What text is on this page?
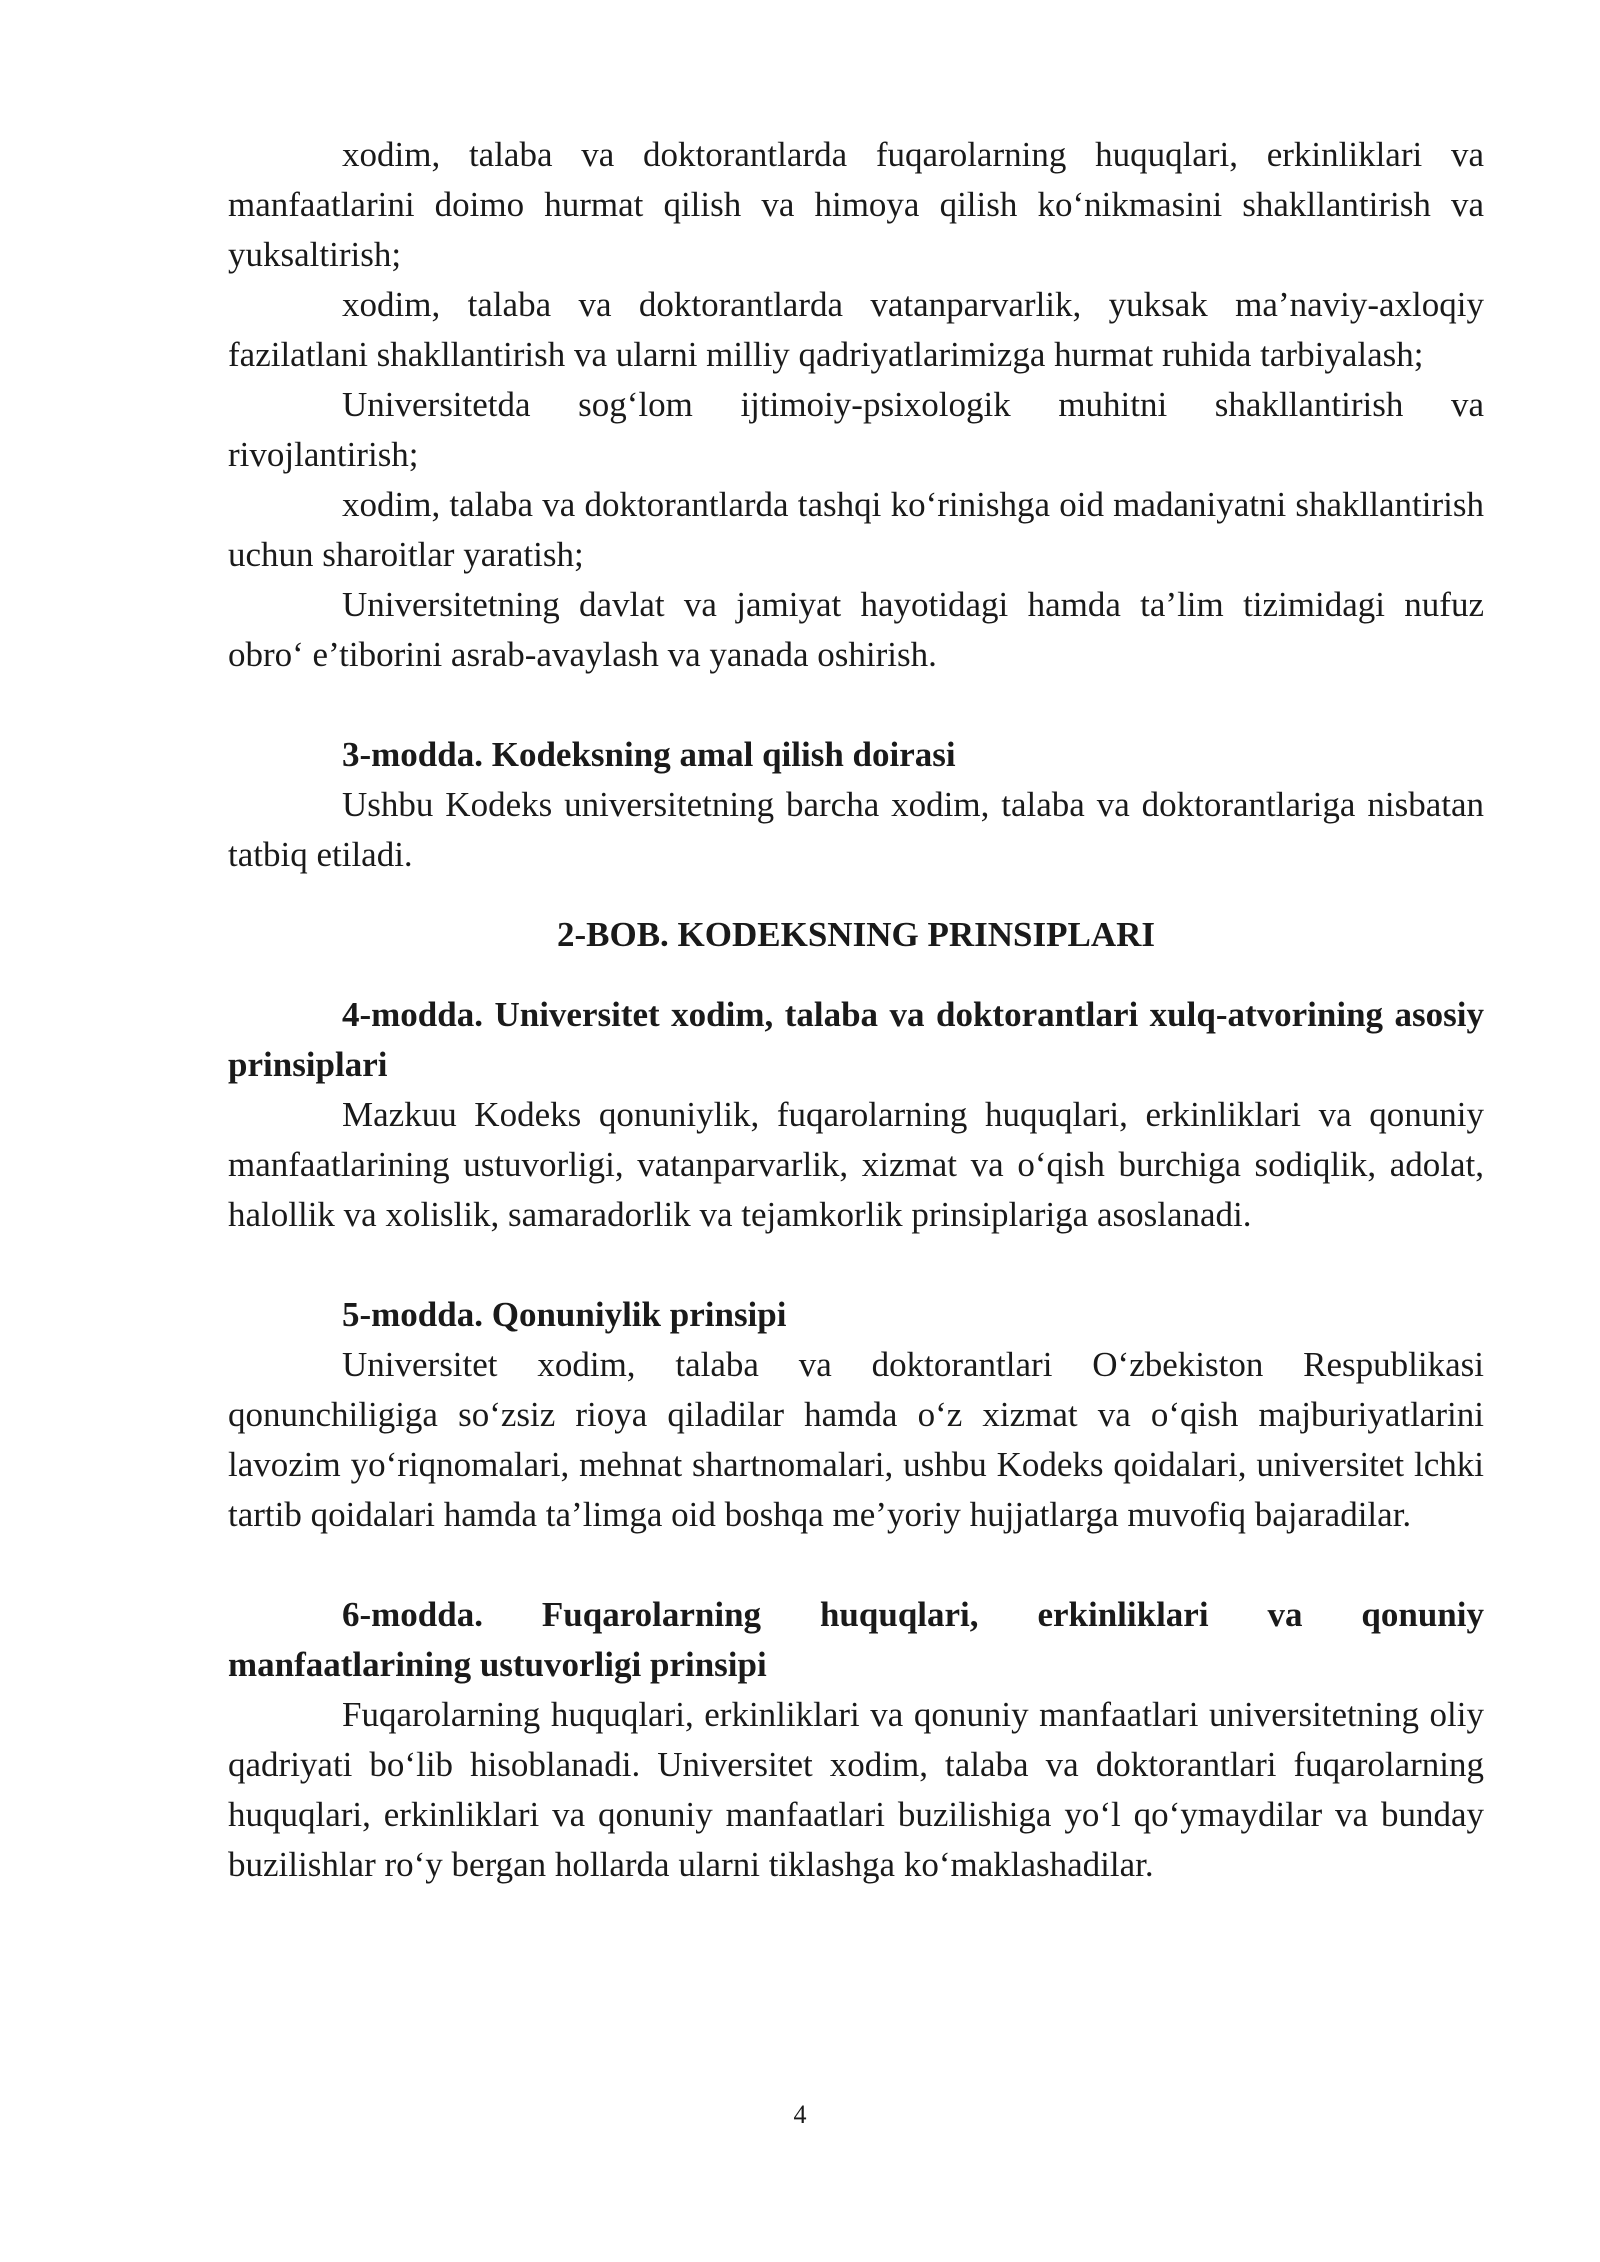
xodim, talaba va doktorantlarda fuqarolarning huquqlari, erkinliklari va manfaatlarini doimo hurmat qilish va himoya qilish ko‘nikmasini shakllantirish va yuksaltirish;

xodim, talaba va doktorantlarda vatanparvarlik, yuksak ma’naviy-axloqiy fazilatlani shakllantirish va ularni milliy qadriyatlarimizga hurmat ruhida tarbiyalash;

Universitetda sog‘lom ijtimoiy-psixologik muhitni shakllantirish va rivojlantirish;

xodim, talaba va doktorantlarda tashqi ko‘rinishga oid madaniyatni shakllantirish uchun sharoitlar yaratish;

Universitetning davlat va jamiyat hayotidagi hamda ta’lim tizimidagi nufuz obro‘ e’tiborini asrab-avaylash va yanada oshirish.

3-modda. Kodeksning amal qilish doirasi

Ushbu Kodeks universitetning barcha xodim, talaba va doktorantlariga nisbatan tatbiq etiladi.

2-BOB. KODEKSNING PRINSIPLARI

4-modda. Universitet xodim, talaba va doktorantlari xulq-atvorining asosiy prinsiplari

Mazkuu Kodeks qonuniylik, fuqarolarning huquqlari, erkinliklari va qonuniy manfaatlarining ustuvorligi, vatanparvarlik, xizmat va o‘qish burchiga sodiqlik, adolat, halollik va xolislik, samaradorlik va tejamkorlik prinsiplariga asoslanadi.

5-modda. Qonuniylik prinsipi

Universitet xodim, talaba va doktorantlari O‘zbekiston Respublikasi qonunchiligiga so‘zsiz rioya qiladilar hamda o‘z xizmat va o‘qish majburiyatlarini lavozim yo‘riqnomalari, mehnat shartnomalari, ushbu Kodeks qoidalari, universitet lchki tartib qoidalari hamda ta’limga oid boshqa me’yoriy hujjatlarga muvofiq bajaradilar.

6-modda. Fuqarolarning huquqlari, erkinliklari va qonuniy manfaatlarining ustuvorligi prinsipi

Fuqarolarning huquqlari, erkinliklari va qonuniy manfaatlari universitetning oliy qadriyati bo‘lib hisoblanadi. Universitet xodim, talaba va doktorantlari fuqarolarning huquqlari, erkinliklari va qonuniy manfaatlari buzilishiga yo‘l qo‘ymaydilar va bunday buzilishlar ro‘y bergan hollarda ularni tiklashga ko‘maklashadilar.

4
